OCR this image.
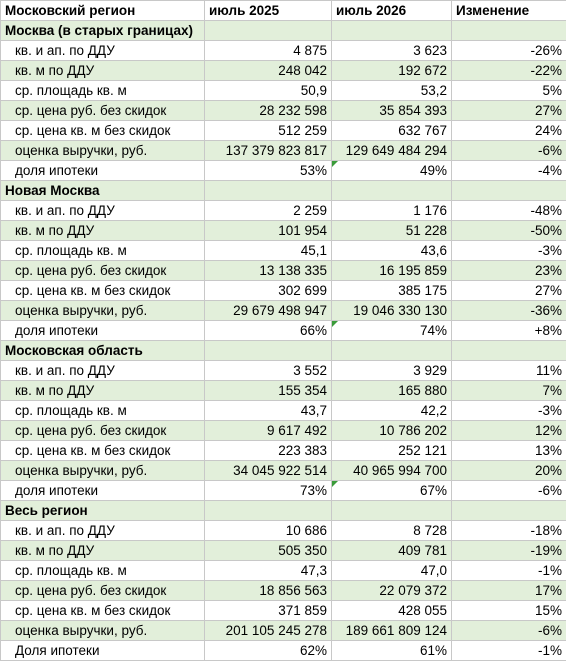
Московский регион	июль 2025	июль 2026	Изменение
Москва (в старых границах)			
кв. и ап. по ДДУ	4 875	3 623	-26%
кв. м по ДДУ	248 042	192 672	-22%
ср. площадь кв. м	50,9	53,2	5%
ср. цена руб. без скидок	28 232 598	35 854 393	27%
ср. цена кв. м без скидок	512 259	632 767	24%
оценка выручки, руб.	137 379 823 817	129 649 484 294	-6%
доля ипотеки	53%	49%	-4%
Новая Москва			
кв. и ап. по ДДУ	2 259	1 176	-48%
кв. м по ДДУ	101 954	51 228	-50%
ср. площадь кв. м	45,1	43,6	-3%
ср. цена руб. без скидок	13 138 335	16 195 859	23%
ср. цена кв. м без скидок	302 699	385 175	27%
оценка выручки, руб.	29 679 498 947	19 046 330 130	-36%
доля ипотеки	66%	74%	+8%
Московская область			
кв. и ап. по ДДУ	3 552	3 929	11%
кв. м по ДДУ	155 354	165 880	7%
ср. площадь кв. м	43,7	42,2	-3%
ср. цена руб. без скидок	9 617 492	10 786 202	12%
ср. цена кв. м без скидок	223 383	252 121	13%
оценка выручки, руб.	34 045 922 514	40 965 994 700	20%
доля ипотеки	73%	67%	-6%
Весь регион			
кв. и ап. по ДДУ	10 686	8 728	-18%
кв. м по ДДУ	505 350	409 781	-19%
ср. площадь кв. м	47,3	47,0	-1%
ср. цена руб. без скидок	18 856 563	22 079 372	17%
ср. цена кв. м без скидок	371 859	428 055	15%
оценка выручки, руб.	201 105 245 278	189 661 809 124	-6%
Доля ипотеки	62%	61%	-1%
